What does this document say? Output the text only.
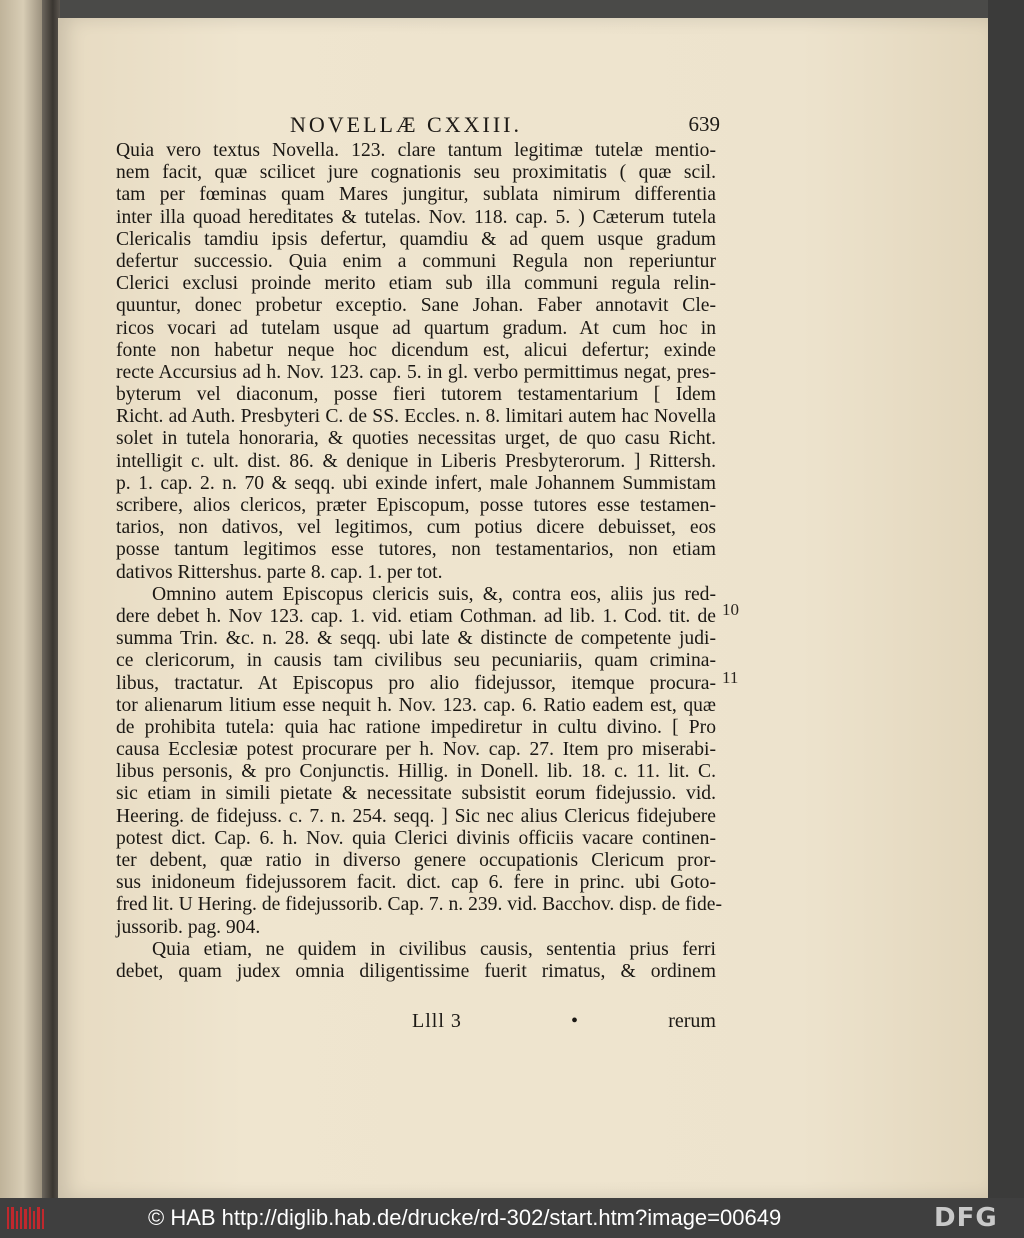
NOVELLÆ CXXIII.	639
Quia vero textus Novella. 123. clare tantum legitimæ tutelæ mentio-
nem facit, quæ scilicet jure cognationis seu proximitatis ( quæ scil.
tam per fœminas quam Mares jungitur, sublata nimirum differentia
inter illa quoad hereditates & tutelas. Nov. 118. cap. 5. ) Cæterum tutela
Clericalis tamdiu ipsis defertur, quamdiu & ad quem usque gradum
defertur successio. Quia enim a communi Regula non reperiuntur
Clerici exclusi proinde merito etiam sub illa communi regula relin-
quuntur, donec probetur exceptio. Sane Johan. Faber annotavit Cle-
ricos vocari ad tutelam usque ad quartum gradum. At cum hoc in
fonte non habetur neque hoc dicendum est, alicui defertur; exinde
recte Accursius ad h. Nov. 123. cap. 5. in gl. verbo permittimus negat, pres-
byterum vel diaconum, posse fieri tutorem testamentarium [ Idem
Richt. ad Auth. Presbyteri C. de SS. Eccles. n. 8. limitari autem hac Novella
solet in tutela honoraria, & quoties necessitas urget, de quo casu Richt.
intelligit c. ult. dist. 86. & denique in Liberis Presbyterorum. ] Rittersh.
p. 1. cap. 2. n. 70 & seqq. ubi exinde infert, male Johannem Summistam
scribere, alios clericos, præter Episcopum, posse tutores esse testamen-
tarios, non dativos, vel legitimos, cum potius dicere debuisset, eos
posse tantum legitimos esse tutores, non testamentarios, non etiam
dativos Rittershus. parte 8. cap. 1. per tot.
Omnino autem Episcopus clericis suis, &, contra eos, aliis jus red-
dere debet h. Nov 123. cap. 1. vid. etiam Cothman. ad lib. 1. Cod. tit. de
summa Trin. &c. n. 28. & seqq. ubi late & distincte de competente judi-
ce clericorum, in causis tam civilibus seu pecuniariis, quam crimina-
libus, tractatur. At Episcopus pro alio fidejussor, itemque procura-
tor alienarum litium esse nequit h. Nov. 123. cap. 6. Ratio eadem est, quæ
de prohibita tutela: quia hac ratione impediretur in cultu divino. [ Pro
causa Ecclesiæ potest procurare per h. Nov. cap. 27. Item pro miserabi-
libus personis, & pro Conjunctis. Hillig. in Donell. lib. 18. c. 11. lit. C.
sic etiam in simili pietate & necessitate subsistit eorum fidejussio. vid.
Heering. de fidejuss. c. 7. n. 254. seqq. ] Sic nec alius Clericus fidejubere
potest dict. Cap. 6. h. Nov. quia Clerici divinis officiis vacare continen-
ter debent, quæ ratio in diverso genere occupationis Clericum pror-
sus inidoneum fidejussorem facit. dict. cap 6. fere in princ. ubi Goto-
fred lit. U Hering. de fidejussorib. Cap. 7. n. 239. vid. Bacchov. disp. de fide-
jussorib. pag. 904.
Quia etiam, ne quidem in civilibus causis, sententia prius ferri
debet, quam judex omnia diligentissime fuerit rimatus, & ordinem
10
11
Llll 3	•	rerum
© HAB http://diglib.hab.de/drucke/rd-302/start.htm?image=00649	DFG
